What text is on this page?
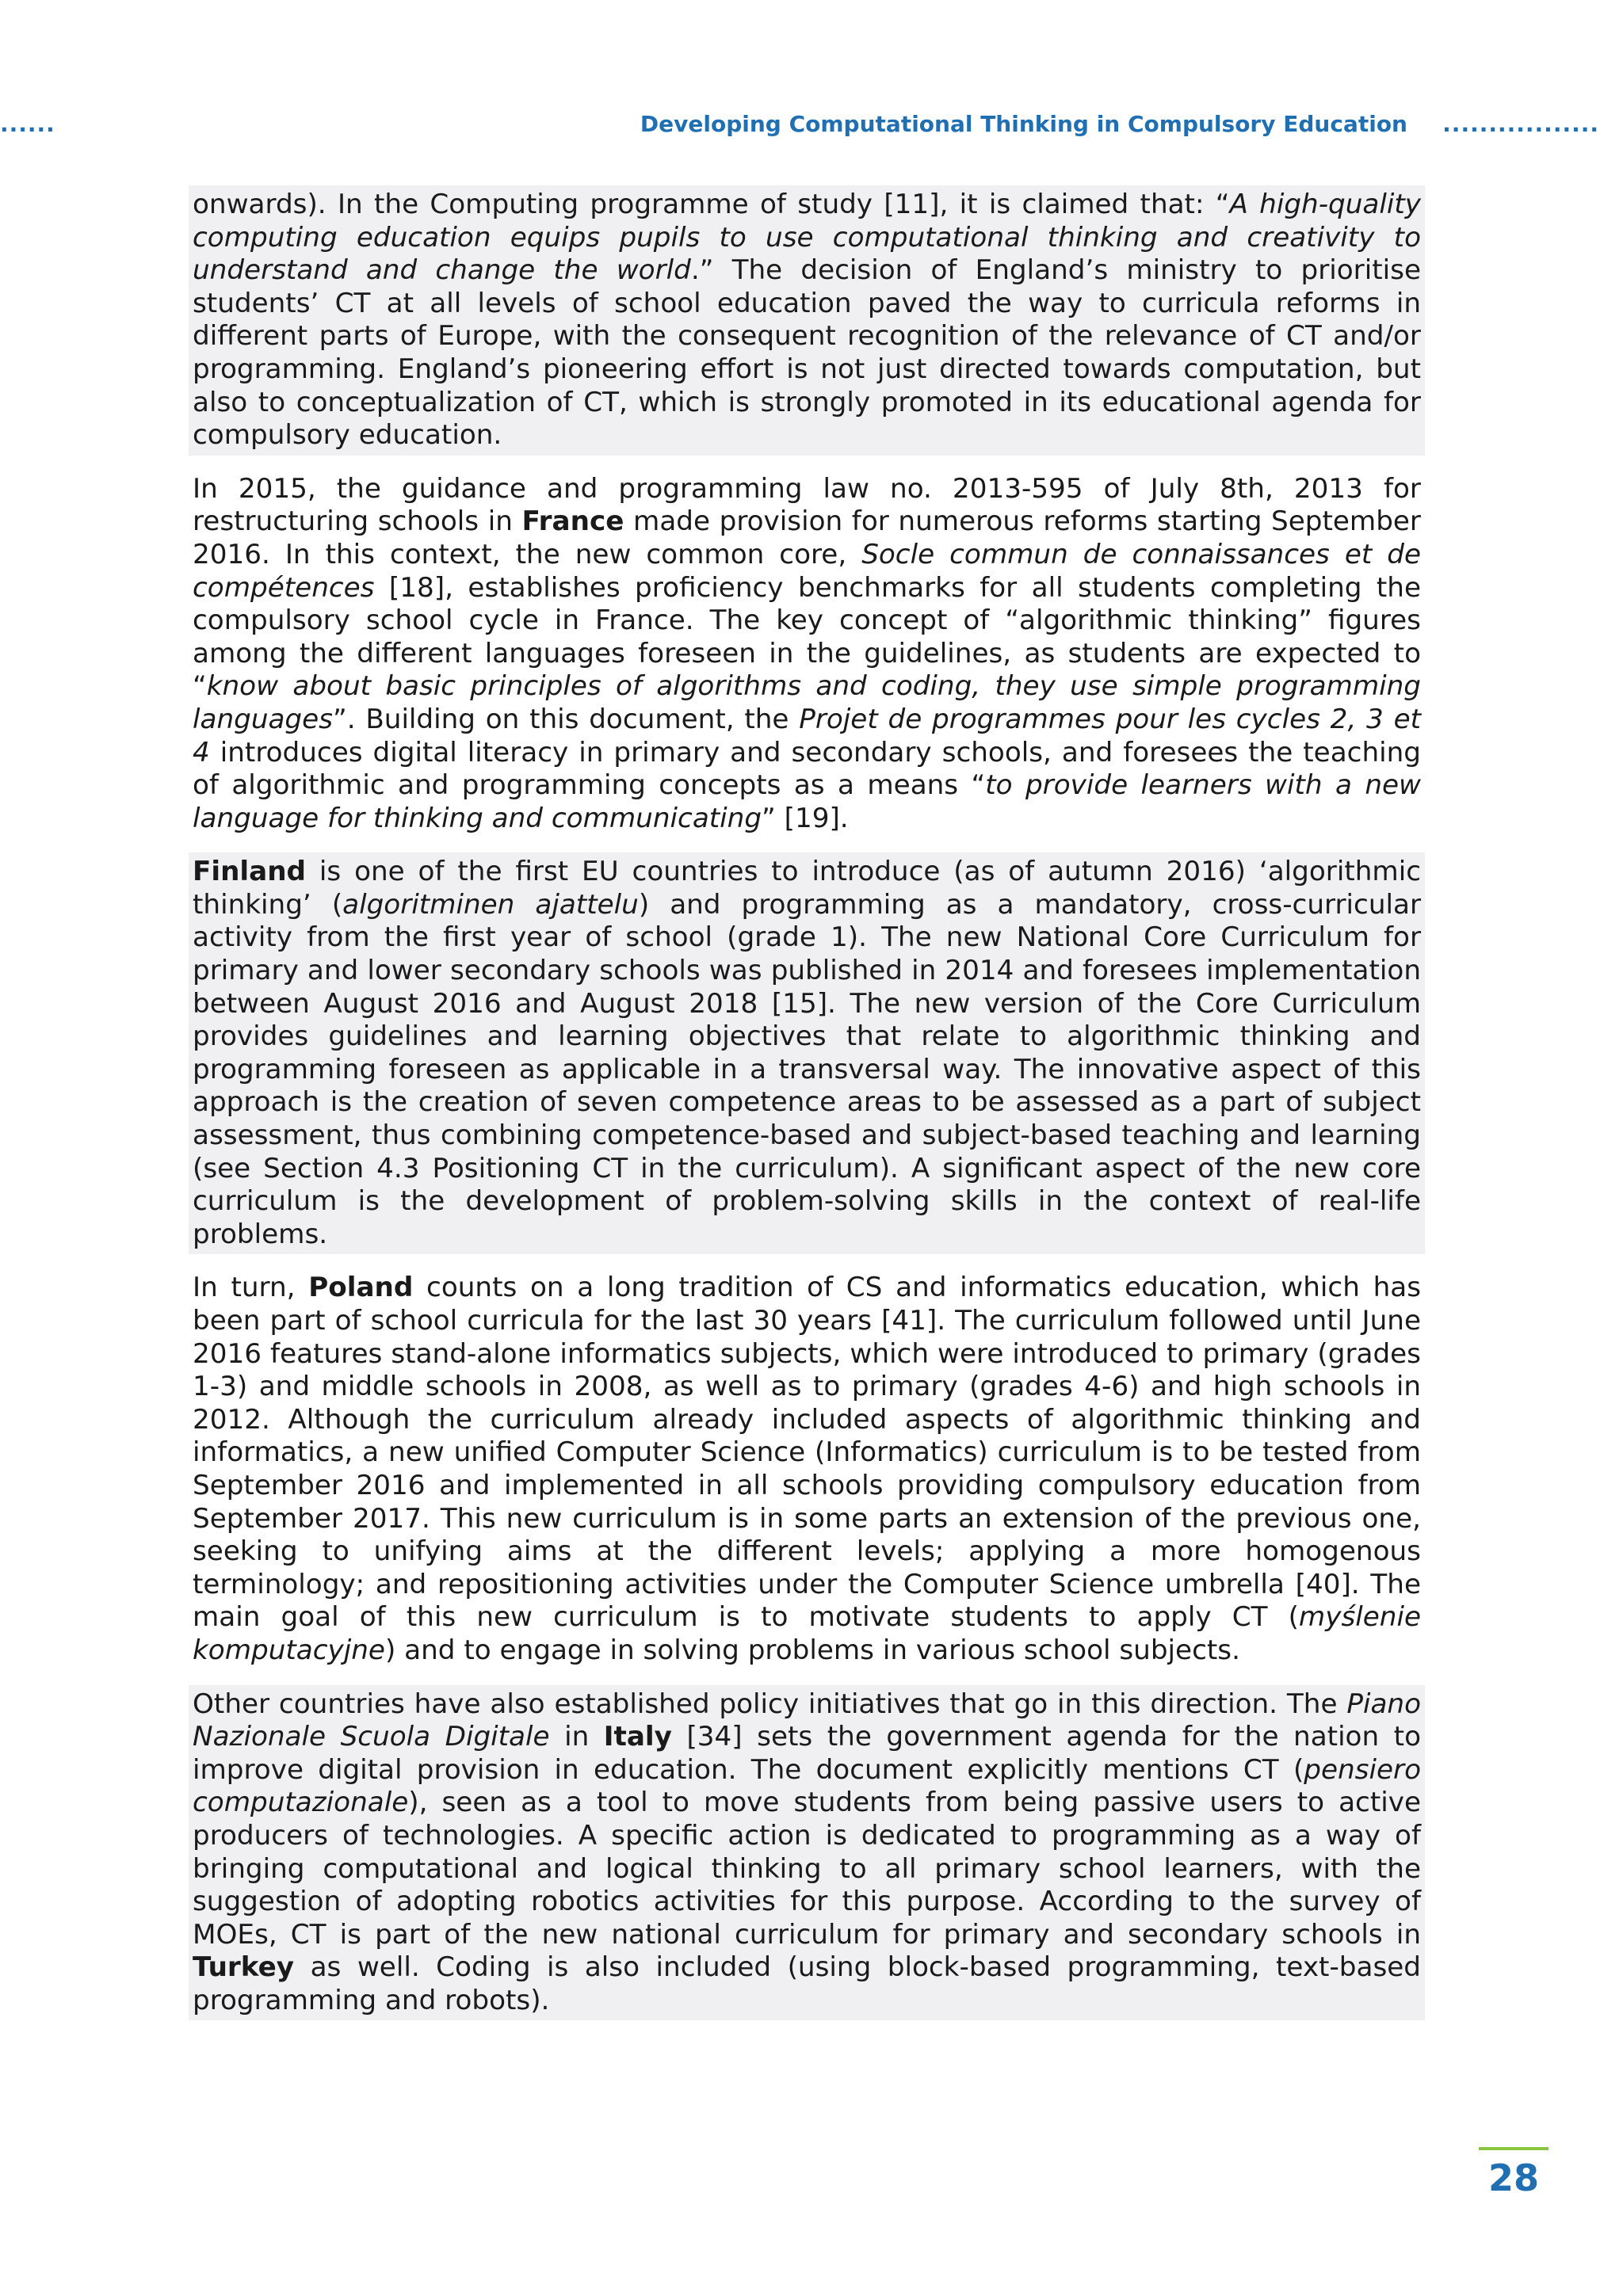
......	Developing Computational Thinking in Compulsory Education .................

onwards). In the Computing programme of study [11], it is claimed that: “A high-quality computing education equips pupils to use computational thinking and creativity to understand and change the world.” The decision of England’s ministry to prioritise students’ CT at all levels of school education paved the way to curricula reforms in different parts of Europe, with the consequent recognition of the relevance of CT and/or programming. England’s pioneering effort is not just directed towards computation, but also to conceptualization of CT, which is strongly promoted in its educational agenda for compulsory education.

In 2015, the guidance and programming law no. 2013-595 of July 8th, 2013 for restructuring schools in France made provision for numerous reforms starting September 2016. In this context, the new common core, Socle commun de connaissances et de compétences [18], establishes proficiency benchmarks for all students completing the compulsory school cycle in France. The key concept of “algorithmic thinking” figures among the different languages foreseen in the guidelines, as students are expected to “know about basic principles of algorithms and coding, they use simple programming languages”. Building on this document, the Projet de programmes pour les cycles 2, 3 et 4 introduces digital literacy in primary and secondary schools, and foresees the teaching of algorithmic and programming concepts as a means “to provide learners with a new language for thinking and communicating” [19].

Finland is one of the first EU countries to introduce (as of autumn 2016) ‘algorithmic thinking’ (algoritminen ajattelu) and programming as a mandatory, cross-curricular activity from the first year of school (grade 1). The new National Core Curriculum for primary and lower secondary schools was published in 2014 and foresees implementation between August 2016 and August 2018 [15]. The new version of the Core Curriculum provides guidelines and learning objectives that relate to algorithmic thinking and programming foreseen as applicable in a transversal way. The innovative aspect of this approach is the creation of seven competence areas to be assessed as a part of subject assessment, thus combining competence-based and subject-based teaching and learning (see Section 4.3 Positioning CT in the curriculum). A significant aspect of the new core curriculum is the development of problem-solving skills in the context of real-life problems.

In turn, Poland counts on a long tradition of CS and informatics education, which has been part of school curricula for the last 30 years [41]. The curriculum followed until June 2016 features stand-alone informatics subjects, which were introduced to primary (grades 1-3) and middle schools in 2008, as well as to primary (grades 4-6) and high schools in 2012. Although the curriculum already included aspects of algorithmic thinking and informatics, a new unified Computer Science (Informatics) curriculum is to be tested from September 2016 and implemented in all schools providing compulsory education from September 2017. This new curriculum is in some parts an extension of the previous one, seeking to unifying aims at the different levels; applying a more homogenous terminology; and repositioning activities under the Computer Science umbrella [40]. The main goal of this new curriculum is to motivate students to apply CT (myślenie komputacyjne) and to engage in solving problems in various school subjects.

Other countries have also established policy initiatives that go in this direction. The Piano Nazionale Scuola Digitale in Italy [34] sets the government agenda for the nation to improve digital provision in education. The document explicitly mentions CT (pensiero computazionale), seen as a tool to move students from being passive users to active producers of technologies. A specific action is dedicated to programming as a way of bringing computational and logical thinking to all primary school learners, with the suggestion of adopting robotics activities for this purpose. According to the survey of MOEs, CT is part of the new national curriculum for primary and secondary schools in Turkey as well. Coding is also included (using block-based programming, text-based programming and robots).

28
